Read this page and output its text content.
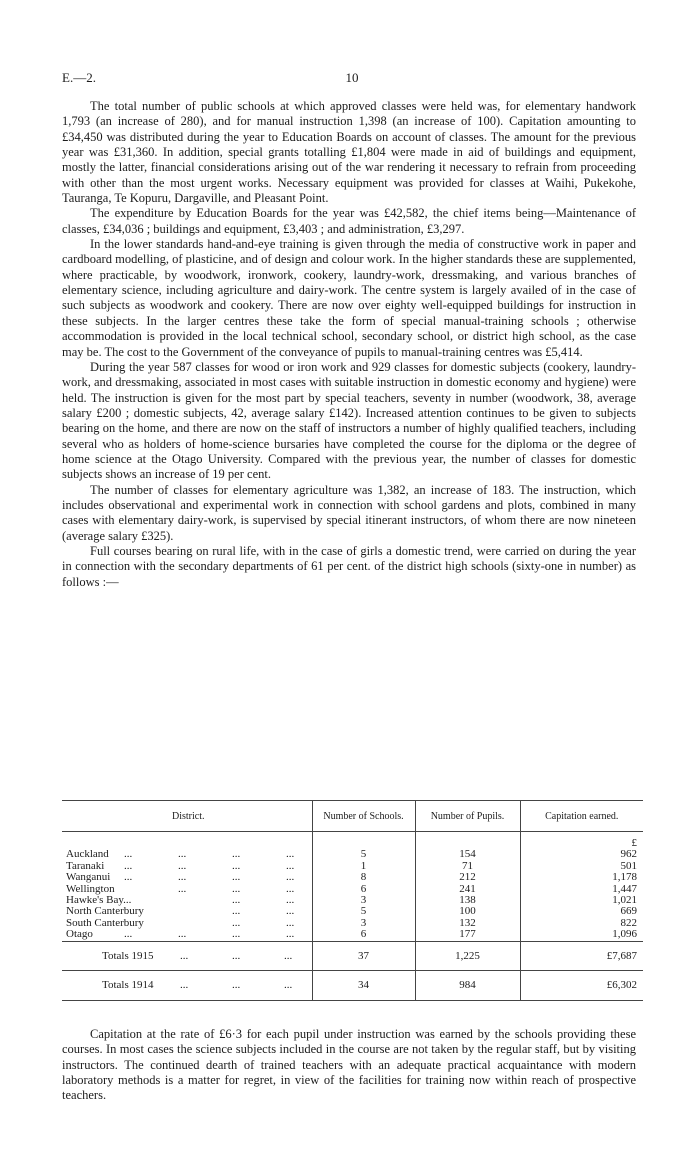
E.—2.	10

The total number of public schools at which approved classes were held was, for elementary handwork 1,793 (an increase of 280), and for manual instruction 1,398 (an increase of 100). Capitation amounting to £34,450 was distributed during the year to Education Boards on account of classes. The amount for the previous year was £31,360. In addition, special grants totalling £1,804 were made in aid of buildings and equipment, mostly the latter, financial considerations arising out of the war rendering it necessary to refrain from proceeding with other than the most urgent works. Necessary equipment was provided for classes at Waihi, Pukekohe, Tauranga, Te Kopuru, Dargaville, and Pleasant Point.

The expenditure by Education Boards for the year was £42,582, the chief items being—Maintenance of classes, £34,036 ; buildings and equipment, £3,403 ; and administration, £3,297.

In the lower standards hand-and-eye training is given through the media of constructive work in paper and cardboard modelling, of plasticine, and of design and colour work. In the higher standards these are supplemented, where practicable, by woodwork, ironwork, cookery, laundry-work, dressmaking, and various branches of elementary science, including agriculture and dairy-work. The centre system is largely availed of in the case of such subjects as woodwork and cookery. There are now over eighty well-equipped buildings for instruction in these subjects. In the larger centres these take the form of special manual-training schools ; otherwise accommodation is provided in the local technical school, secondary school, or district high school, as the case may be. The cost to the Government of the conveyance of pupils to manual-training centres was £5,414.

During the year 587 classes for wood or iron work and 929 classes for domestic subjects (cookery, laundry-work, and dressmaking, associated in most cases with suitable instruction in domestic economy and hygiene) were held. The instruction is given for the most part by special teachers, seventy in number (woodwork, 38, average salary £200 ; domestic subjects, 42, average salary £142). Increased attention continues to be given to subjects bearing on the home, and there are now on the staff of instructors a number of highly qualified teachers, including several who as holders of home-science bursaries have completed the course for the diploma or the degree of home science at the Otago University. Compared with the previous year, the number of classes for domestic subjects shows an increase of 19 per cent.

The number of classes for elementary agriculture was 1,382, an increase of 183. The instruction, which includes observational and experimental work in connection with school gardens and plots, combined in many cases with elementary dairy-work, is supervised by special itinerant instructors, of whom there are now nineteen (average salary £325).

Full courses bearing on rural life, with in the case of girls a domestic trend, were carried on during the year in connection with the secondary departments of 61 per cent. of the district high schools (sixty-one in number) as follows :—

District.	Number of Schools.	Number of Pupils.	Capitation earned.

			£

Auckland ... ... ... ...	5	154	962

Taranaki ... ... ... ...	1	71	501

Wanganui ... ... ... ...	8	212	1,178

Wellington ... ... ...	6	241	1,447

Hawke's Bay... ... ...	3	138	1,021

North Canterbury ... ...	5	100	669

South Canterbury ... ...	3	132	822

Otago ... ... ... ...	6	177	1,096

Totals 1915 ... ... ...	37	1,225	£7,687

Totals 1914 ... ... ...	34	984	£6,302

Capitation at the rate of £6·3 for each pupil under instruction was earned by the schools providing these courses. In most cases the science subjects included in the course are not taken by the regular staff, but by visiting instructors. The continued dearth of trained teachers with an adequate practical acquaintance with modern laboratory methods is a matter for regret, in view of the facilities for training now within reach of prospective teachers.
